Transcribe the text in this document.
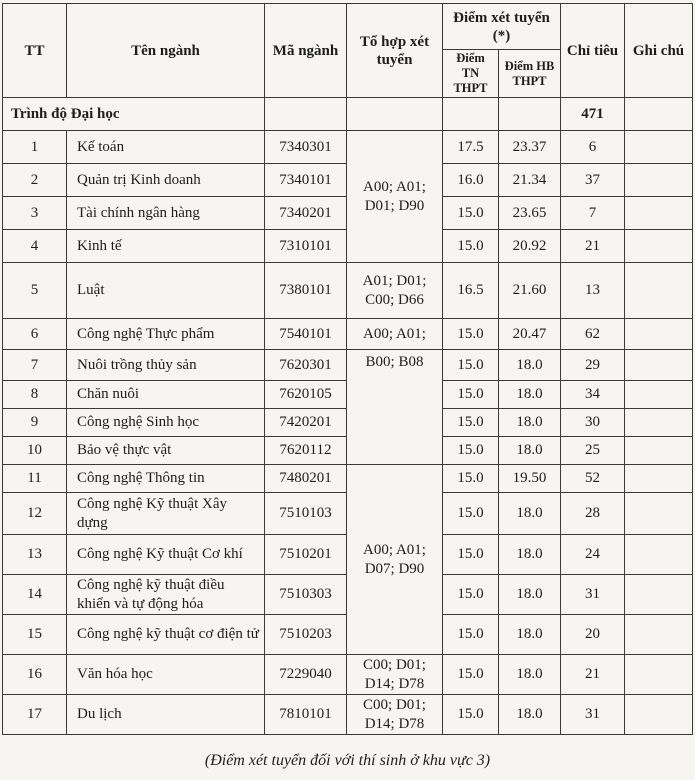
TT	Tên ngành	Mã ngành	Tổ hợp xét tuyển	Điểm xét tuyển (*)		Chỉ tiêu	Ghi chú
				Điểm TN THPT	Điểm HB THPT		
Trình độ Đại học						471	
1	Kế toán	7340301	A00; A01; D01; D90	17.5	23.37	6	
2	Quản trị Kinh doanh	7340101		16.0	21.34	37	
3	Tài chính ngân hàng	7340201		15.0	23.65	7	
4	Kinh tế	7310101		15.0	20.92	21	
5	Luật	7380101	A01; D01; C00; D66	16.5	21.60	13	
6	Công nghệ Thực phẩm	7540101	A00; A01;	15.0	20.47	62	
7	Nuôi trồng thủy sản	7620301	B00; B08	15.0	18.0	29	
8	Chăn nuôi	7620105		15.0	18.0	34	
9	Công nghệ Sinh học	7420201		15.0	18.0	30	
10	Bảo vệ thực vật	7620112		15.0	18.0	25	
11	Công nghệ Thông tin	7480201	A00; A01; D07; D90	15.0	19.50	52	
12	Công nghệ Kỹ thuật Xây dựng	7510103		15.0	18.0	28	
13	Công nghệ Kỹ thuật Cơ khí	7510201		15.0	18.0	24	
14	Công nghệ kỹ thuật điều khiển và tự động hóa	7510303		15.0	18.0	31	
15	Công nghệ kỹ thuật cơ điện tử	7510203		15.0	18.0	20	
16	Văn hóa học	7229040	C00; D01; D14; D78	15.0	18.0	21	
17	Du lịch	7810101	C00; D01; D14; D78	15.0	18.0	31	
(Điểm xét tuyển đối với thí sinh ở khu vực 3)
